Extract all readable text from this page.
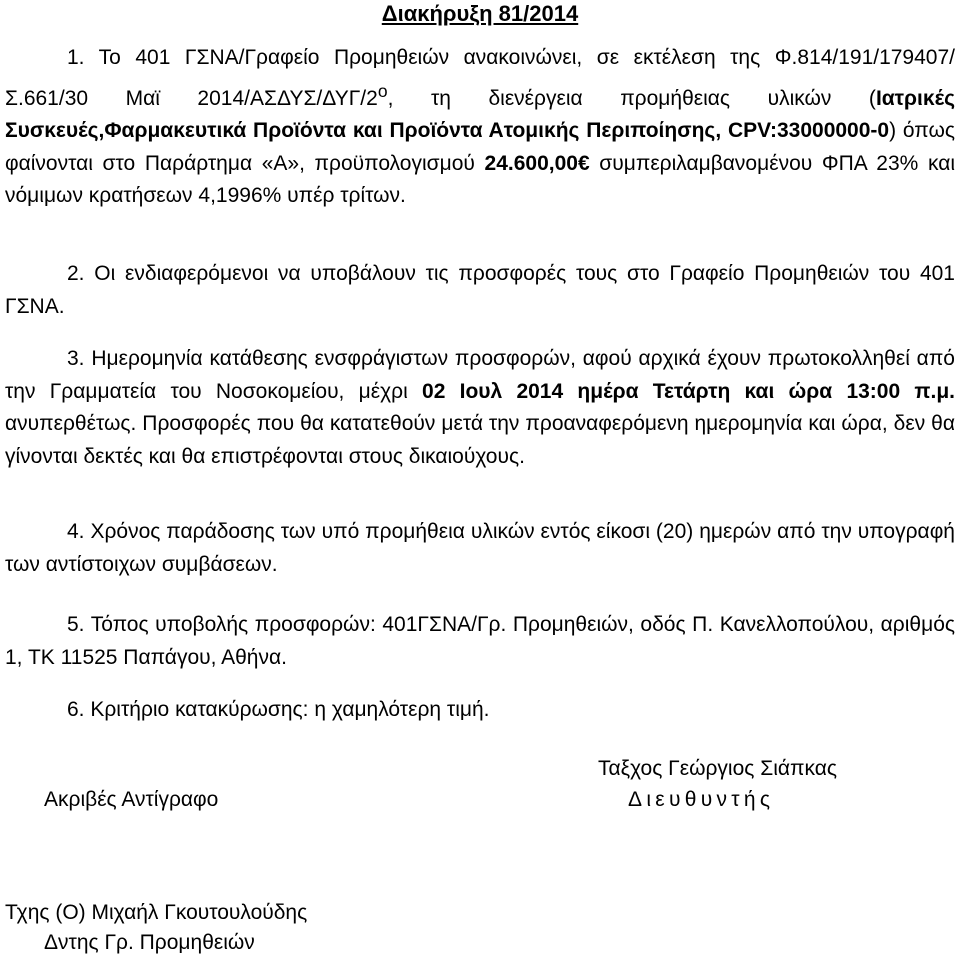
Διακήρυξη 81/2014
1. Το 401 ΓΣΝΑ/Γραφείο Προμηθειών ανακοινώνει, σε εκτέλεση της Φ.814/191/179407/Σ.661/30 Μαϊ $2014/A\Sigma\Delta\Upsilon\Sigma/\Delta\Upsilon\Gamma/2^o$, τη διενέργεια προμήθειας υλικών (Ιατρικές Συσκευές,Φαρμακευτικά Προϊόντα και Προϊόντα Ατομικής Περιποίησης, CPV:33000000-0) όπως φαίνονται στο Παράρτημα «Α», προϋπολογισμού 24.600,00€ συμπεριλαμβανομένου ΦΠΑ 23% και νόμιμων κρατήσεων 4,1996% υπέρ τρίτων.
2. Οι ενδιαφερόμενοι να υποβάλουν τις προσφορές τους στο Γραφείο Προμηθειών του 401 ΓΣΝΑ.
3. Ημερομηνία κατάθεσης ενσφράγιστων προσφορών, αφού αρχικά έχουν πρωτοκολληθεί από την Γραμματεία του Νοσοκομείου, μέχρι 02 Ιουλ 2014 ημέρα Τετάρτη και ώρα 13:00 π.μ. ανυπερθέτως. Προσφορές που θα κατατεθούν μετά την προαναφερόμενη ημερομηνία και ώρα, δεν θα γίνονται δεκτές και θα επιστρέφονται στους δικαιούχους.
4. Χρόνος παράδοσης των υπό προμήθεια υλικών εντός είκοσι (20) ημερών από την υπογραφή των αντίστοιχων συμβάσεων.
5. Τόπος υποβολής προσφορών: 401ΓΣΝΑ/Γρ. Προμηθειών, οδός Π. Κανελλοπούλου, αριθμός 1, ΤΚ 11525 Παπάγου, Αθήνα.
6. Κριτήριο κατακύρωσης: η χαμηλότερη τιμή.
Ταξχος Γεώργιος Σιάπκας
Διευθυντής
Ακριβές Αντίγραφο
Τχης (Ο) Μιχαήλ Γκουτουλούδης
Δντης Γρ. Προμηθειών
